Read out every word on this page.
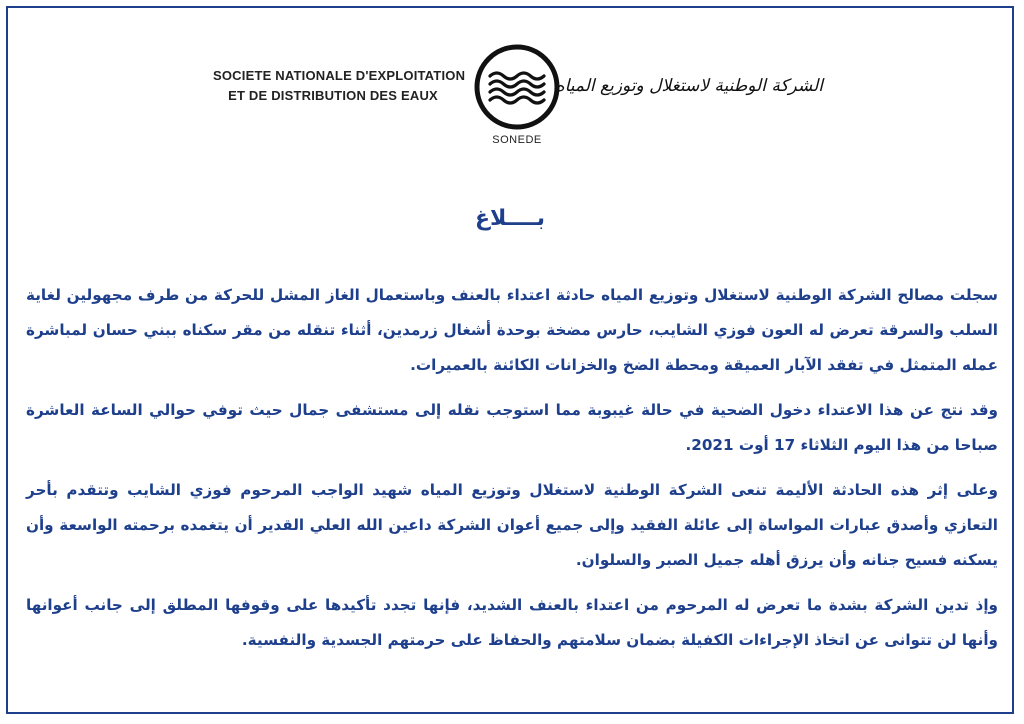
SOCIETE NATIONALE D'EXPLOITATION
ET DE DISTRIBUTION DES EAUX
SONEDE
الشركة الوطنية لاستغلال وتوزيع المياه
بــــلاغ

سجلت مصالح الشركة الوطنية لاستغلال وتوزيع المياه حادثة اعتداء بالعنف وباستعمال الغاز المشل للحركة من طرف مجهولين لغاية السلب والسرقة تعرض له العون فوزي الشايب، حارس مضخة بوحدة أشغال زرمدين، أثناء تنقله من مقر سكناه ببني حسان لمباشرة عمله المتمثل في تفقد الآبار العميقة ومحطة الضخ والخزانات الكائنة بالعميرات.

وقد نتج عن هذا الاعتداء دخول الضحية في حالة غيبوبة مما استوجب نقله إلى مستشفى جمال حيث توفي حوالي الساعة العاشرة صباحا من هذا اليوم الثلاثاء 17 أوت 2021.

وعلى إثر هذه الحادثة الأليمة تنعى الشركة الوطنية لاستغلال وتوزيع المياه شهيد الواجب المرحوم فوزي الشايب وتتقدم بأحر التعازي وأصدق عبارات المواساة إلى عائلة الفقيد وإلى جميع أعوان الشركة داعين الله العلي القدير أن يتغمده برحمته الواسعة وأن يسكنه فسيح جنانه وأن يرزق أهله جميل الصبر والسلوان.

وإذ تدين الشركة بشدة ما تعرض له المرحوم من اعتداء بالعنف الشديد، فإنها تجدد تأكيدها على وقوفها المطلق إلى جانب أعوانها وأنها لن تتوانى عن اتخاذ الإجراءات الكفيلة بضمان سلامتهم والحفاظ على حرمتهم الجسدية والنفسية.
